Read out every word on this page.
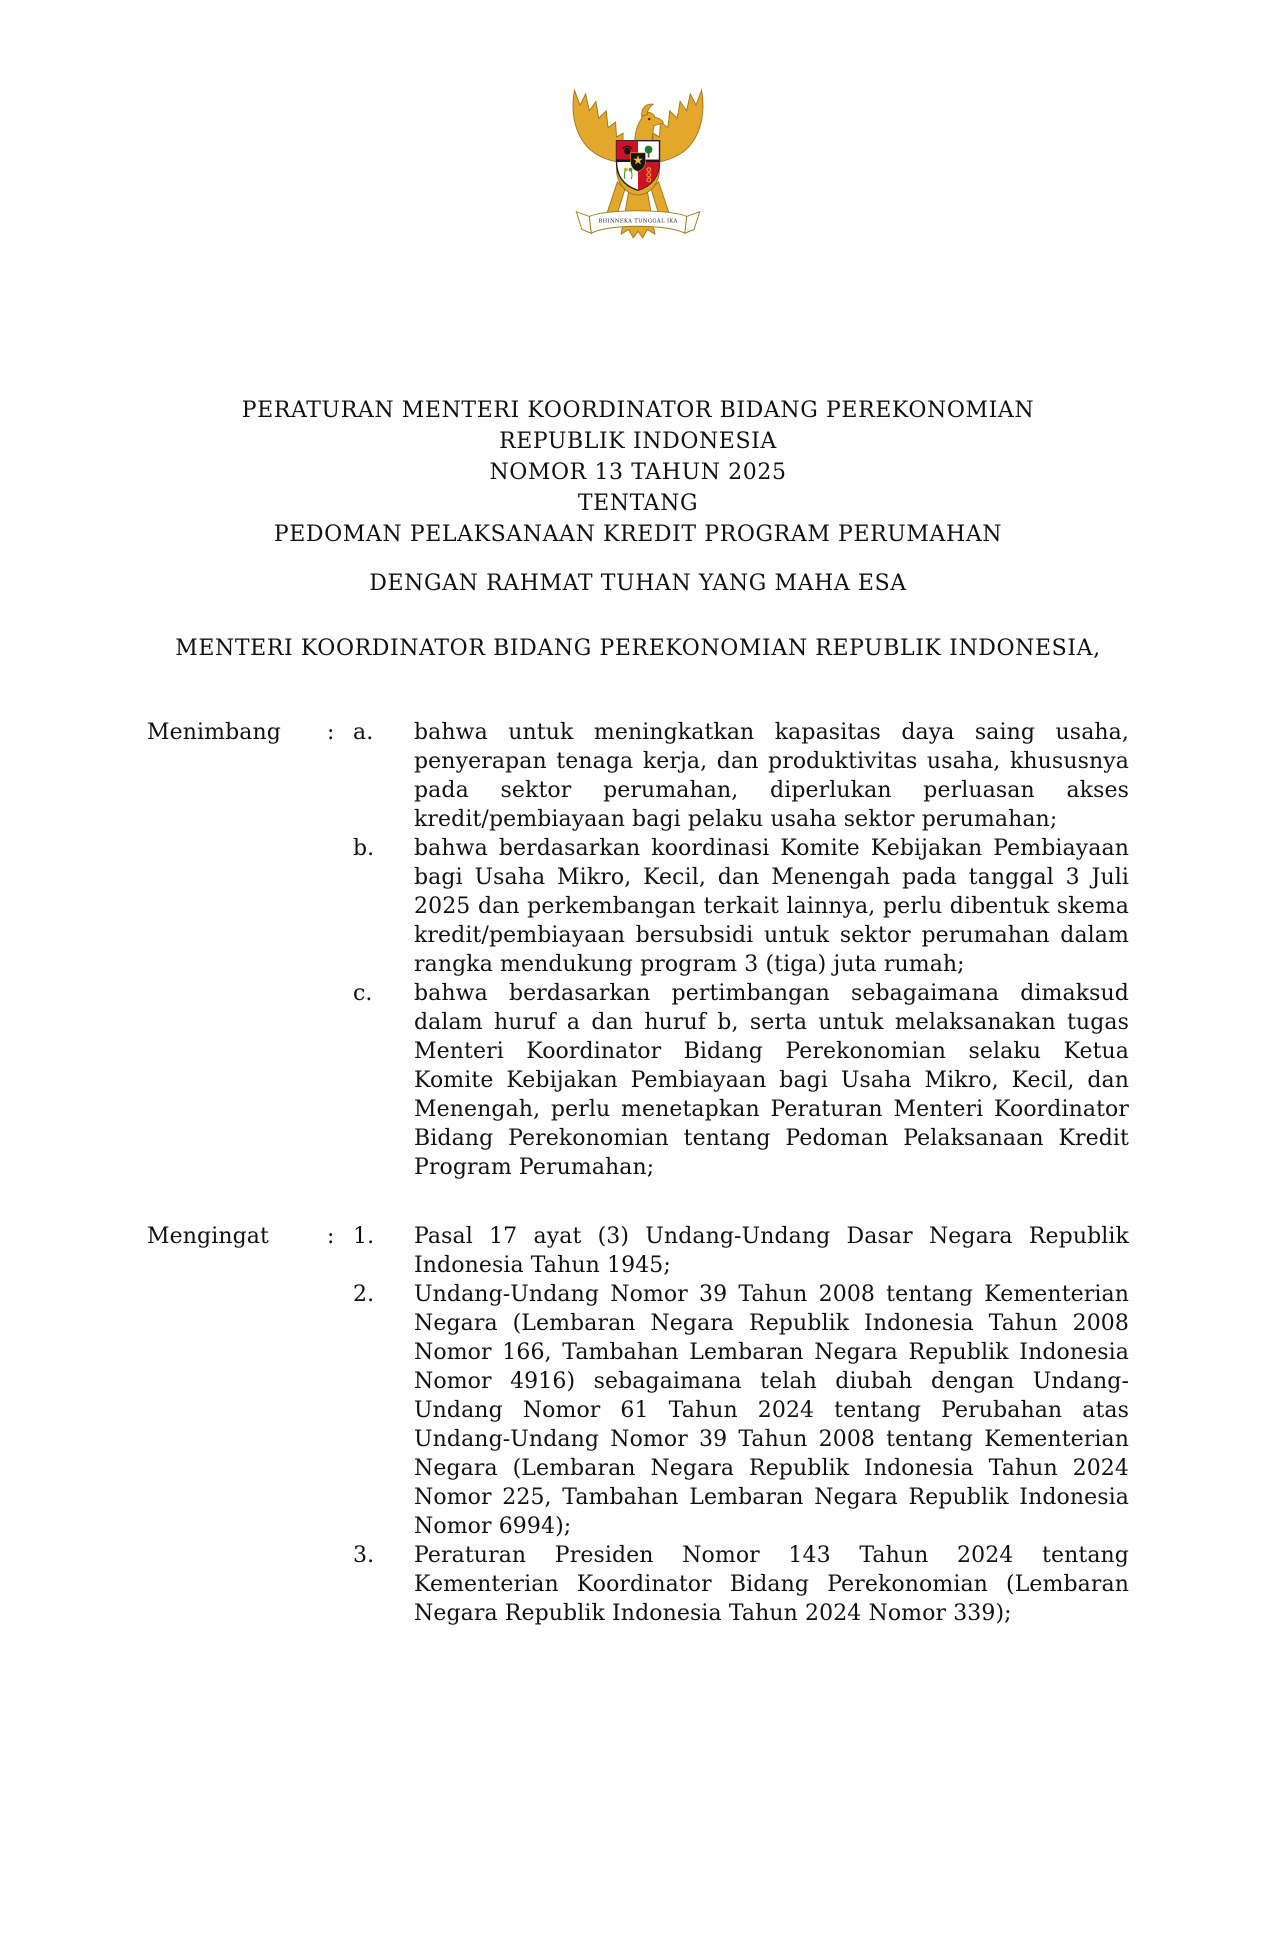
BHINNEKA TUNGGAL IKA
PERATURAN MENTERI KOORDINATOR BIDANG PEREKONOMIAN
REPUBLIK INDONESIA
NOMOR 13 TAHUN 2025
TENTANG
PEDOMAN PELAKSANAAN KREDIT PROGRAM PERUMAHAN
DENGAN RAHMAT TUHAN YANG MAHA ESA
MENTERI KOORDINATOR BIDANG PEREKONOMIAN REPUBLIK INDONESIA,
Menimbang	: a.	bahwa untuk meningkatkan kapasitas daya saing usaha, penyerapan tenaga kerja, dan produktivitas usaha, khususnya pada sektor perumahan, diperlukan perluasan akses kredit/pembiayaan bagi pelaku usaha sektor perumahan;
b.	bahwa berdasarkan koordinasi Komite Kebijakan Pembiayaan bagi Usaha Mikro, Kecil, dan Menengah pada tanggal 3 Juli 2025 dan perkembangan terkait lainnya, perlu dibentuk skema kredit/pembiayaan bersubsidi untuk sektor perumahan dalam rangka mendukung program 3 (tiga) juta rumah;
c.	bahwa berdasarkan pertimbangan sebagaimana dimaksud dalam huruf a dan huruf b, serta untuk melaksanakan tugas Menteri Koordinator Bidang Perekonomian selaku Ketua Komite Kebijakan Pembiayaan bagi Usaha Mikro, Kecil, dan Menengah, perlu menetapkan Peraturan Menteri Koordinator Bidang Perekonomian tentang Pedoman Pelaksanaan Kredit Program Perumahan;
Mengingat	: 1.	Pasal 17 ayat (3) Undang-Undang Dasar Negara Republik Indonesia Tahun 1945;
2.	Undang-Undang Nomor 39 Tahun 2008 tentang Kementerian Negara (Lembaran Negara Republik Indonesia Tahun 2008 Nomor 166, Tambahan Lembaran Negara Republik Indonesia Nomor 4916) sebagaimana telah diubah dengan Undang-Undang Nomor 61 Tahun 2024 tentang Perubahan atas Undang-Undang Nomor 39 Tahun 2008 tentang Kementerian Negara (Lembaran Negara Republik Indonesia Tahun 2024 Nomor 225, Tambahan Lembaran Negara Republik Indonesia Nomor 6994);
3.	Peraturan Presiden Nomor 143 Tahun 2024 tentang Kementerian Koordinator Bidang Perekonomian (Lembaran Negara Republik Indonesia Tahun 2024 Nomor 339);
